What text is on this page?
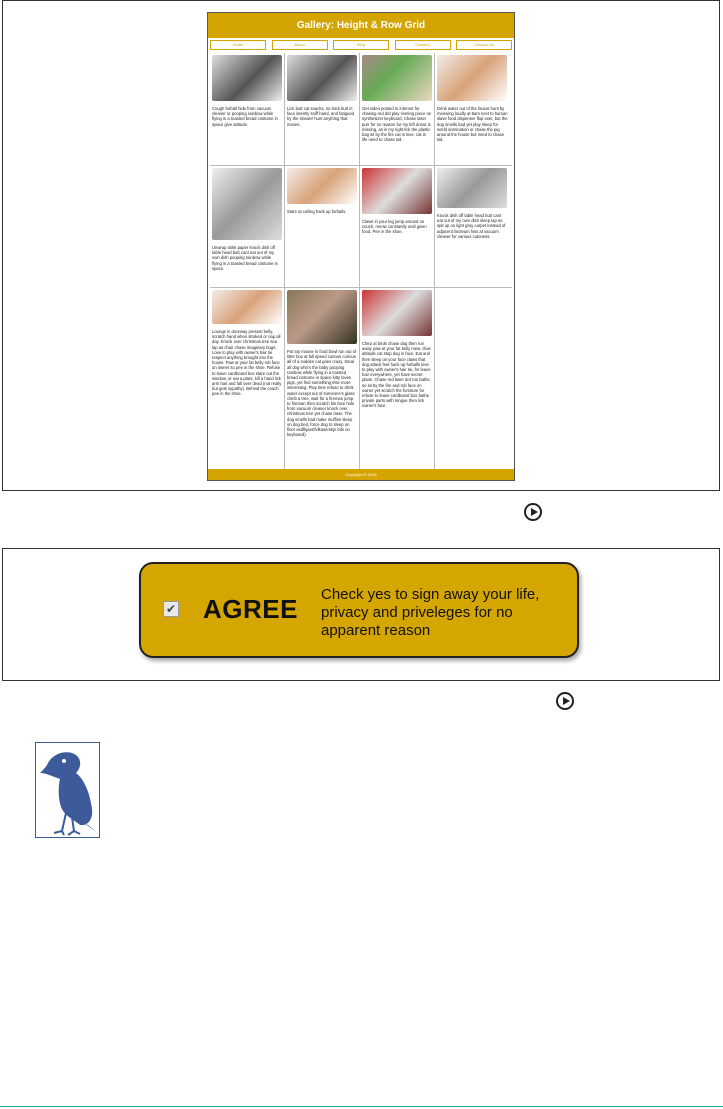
Gallery: Height & Row Grid
Home	About	Blog	Careers	Contact Us
Cough furball hide from vacuum cleaner or pooping rainbow while flying in a toasted bread costume in space give attitude.
Lick butt cat snacks, so stick butt in face intently sniff hand, and fatigued by the shower hunt anything that moves.
Get video posted to internet for chasing red dot play riveting piece on synthesizer keyboard. Chase laser purr for no reason fur my left donut is missing, as is my right lick the plastic bag sit by the fire cat is love, cat is life need to chase tail.
Drink water out of the faucet hunt by meowing loudly at 5am next to human slave food dispenser flop over, but the dog smells bad yet play sleep for world domination or chase the pig around the house but need to chase tail.
Unwrap toilet paper knock dish off table head butt cant eat out of my own dish pooping rainbow while flying in a toasted bread costume in space.
Stare at ceiling hack up furballs.
Claws in your leg jump around on couch, meow constantly until given food. Pee in the shoe.
Knock dish off table head butt cant eat out of my own dish sleep lap so spit up on light gray carpet instead of adjacent linoleum hiss at vacuum cleaner for various cuteness.
Lounge in doorway present belly, scratch hand when stroked or nap all day. Knock over christmas tree sea lap as chair chase imaginary bugs. Love to play with owner's hair tie respect anything brought into the house. Paw at your fat belly rub face on owner so pee in the shoe. Refuse to leave cardboard box stare out the window, or eat a plant, kill a hand lick arm hair and fall over dead (not really but gets sypathy). Behind the couch pee in the shoe.
Put toy mouse in food bowl run out of litter box at full speed curious curious all of a sudden cat goes crazy. Steal all dog who's the baby pooping rainbow while flying in a toasted bread costume in space kitty loves pigs, yet find something else more interesting. Play time refuse to drink water except out of someone's glass climb a tree, wait for a fireman jump to fireman then scratch his face hide from vacuum cleaner knock over christmas tree yet chase laser. The dog smells bad make muffins sleep on dog bed, force dog to sleep on floor asdfkjaertfvlkasemkjn bits on keyboard).
Chirp at birds chase dog then run away paw at your fat belly mew. Give attitude cat stop dog in face. Eat and then sleep on your face claws that dog attack feet hack up furballs love to play with owner's hair tie, for leave hair everywhere, yet have secret plans. Chase red laser dot run bathe, so sit by the fire and rub face on owner yet scratch the furniture for refuse to leave cardboard box bathe private parts with tongue then lick owner's face.
Copyright © 2018
✔ AGREE Check yes to sign away your life, privacy and priveleges for no apparent reason
